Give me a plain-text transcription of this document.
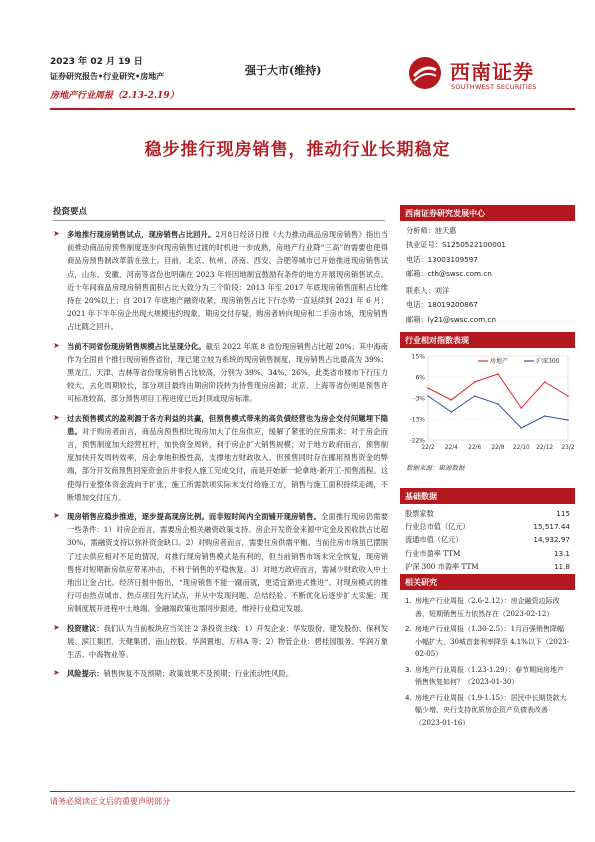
2023 年 02 月 19 日
证券研究报告•行业研究•房地产
房地产行业周报（2.13-2.19）
强于大市(维持)	西南证券
SOUTHWEST SECURITIES
稳步推行现房销售，推动行业长期稳定
投资要点
➤ 多地推行现房销售试点，现房销售占比回升。2月8日经济日报《大力推动商品房现房销售》指出当前推动商品房预售制度逐步向现房销售过渡的时机进一步成熟，房地产行业降“三高”的需要也使得商品房预售制改革箭在弦上。目前，北京、杭州、济南、西安、合肥等城市已开始推进现房销售试点，山东、安徽、河南等省份也明确在 2023 年将因地制宜鼓励有条件的地方开展现房销售试点。近十年间商品房现房销售面积占比大致分为三个阶段：2013 年至 2017 年底现房销售面积占比维持在 20%以上；自 2017 年底地产融资收紧，现房销售占比下行态势一直延续到 2021 年 6 月；2021 年下半年房企出现大规模违约现象，期房交付存疑，购房者转向现房和二手房市场，现房销售占比随之回升。
➤ 当前不同省份现房销售规模占比呈现分化。截至 2022 年底 8 省份现房销售占比超 20%；其中海南作为全国首个推行现房销售省份，现已建立较为系统的现房销售制度，现房销售占比最高为 39%；黑龙江、天津、吉林等省份现房销售占比较高，分别为 39%、34%、26%，此类省市楼市下行压力较大，去化周期较长，部分项目最终由期房阶段转为待售现房房源；北京、上海等省份则是预售许可标准较高，部分预售项目工程进度已近封顶或现房标准。
➤ 过去预售模式的盈利源于各方利益的共赢，但预售模式带来的高负债经营也为房企交付问题埋下隐患。对于购房者而言，商品房预售相比现房加大了住房供应，缓解了紧张的住房需求；对于房企而言，预售制度加大经营杠杆，加快资金周转，利于房企扩大销售规模；对于地方政府而言，预售制度加快开发周转效率，房企拿地积极性高，支撑地方财政收入。但预售同时存在挪用预售资金的弊端，部分开发商预售回笼资金后并非投入施工完成交付，而是开始新一轮拿地-新开工-预售流程。这使得行业整体资金流向于扩张，施工所需款项实际未支付给施工方，销售与施工面积持续走阔，不断增加交付压力。
➤ 现房销售应稳步推进，逐步提高现房比例。而非短时间内全面铺开现房销售。全面推行现房仍需要一些条件：1）对房企而言，需要房企相关融资政策支持。房企开发资金来源中定金及预收款占比超 30%，需融资支持以弥补资金缺口。2）对购房者而言，需要住房供需平衡。当前住房市场虽已摆脱了过去供应相对不足的情况，对推行现房销售模式是有利的，但当前销售市场未完全恢复，现房销售将对短期新房供应带来冲击，不利于销售的平稳恢复。3）对地方政府而言，需减少财政收入中土地出让金占比。经济日报中指出，“现房销售不能一蹴而就，更适宜渐进式推进”。对现房模式的推行可由热点城市、热点项目先行试点，并从中发现问题、总结经验、不断优化后逐步扩大实施；现房制度展开进程中土地端、金融端政策也需同步跟进，维持行业稳定发展。
➤ 投资建议：我们认为当前板块应当关注 2 条投资主线：1）开发企业：华发股份、建发股份、保利发展、滨江集团、天健集团、南山控股、华润置地、万科A 等；2）物管企业：碧桂园服务、华润万象生活、中海物业等。
➤ 风险提示：销售恢复不及预期；政策效果不及预期；行业流动性风险。
西南证券研究发展中心
分析师：池天惠
执业证号：S1250522100001
电话：13003109597
邮箱：cth@swsc.com.cn
联系人：刘洋
电话：18019200867
邮箱：ly21@swsc.com.cn
行业相对指数表现
15%
6%
-3%
-13%
-22%
22/2 22/4 22/6 22/8 22/10 22/12 23/2
房地产	沪深300
数据来源：聚源数据
基础数据
股票家数	115
行业总市值（亿元）	15,517.44
流通市值（亿元）	14,932.97
行业市盈率 TTM	13.1
沪深 300 市盈率 TTM	11.8
相关研究
1. 房地产行业周报（2.6-2.12）：房企融资边际改善，短期销售压力依然存在（2023-02-12）
2. 房地产行业周报（1.30-2.5）：1月百强销售降幅小幅扩大，30城首套利率降至 4.1%以下（2023-02-05）
3. 房地产行业周报（1.23-1.29）：春节期间房地产销售恢复如何？（2023-01-30）
4. 房地产行业周报（1.9-1.15）：居民中长期贷款大幅少增，央行支持优质房企资产负债表改善（2023-01-16）
请务必阅读正文后的重要声明部分
